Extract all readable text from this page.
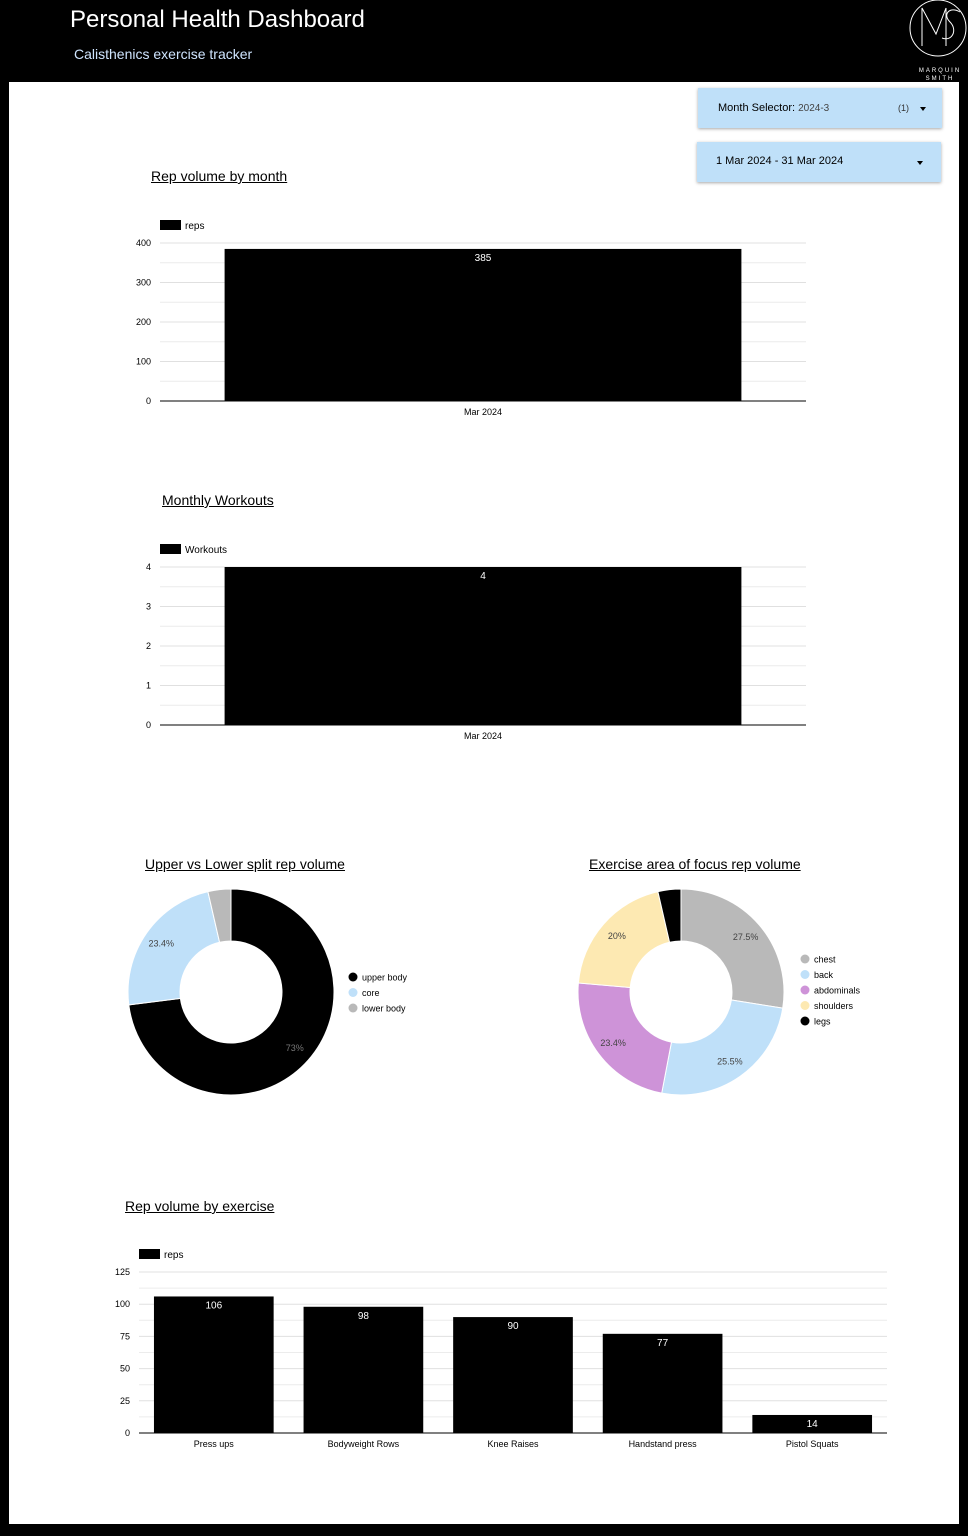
Personal Health Dashboard
Calisthenics exercise tracker
MARQUIN
SMITH
Month Selector: 2024-3	(1)
1 Mar 2024 - 31 Mar 2024
Rep volume by month
reps
0
100
200
300
400
385
Mar 2024
Monthly Workouts
Workouts
0
1
2
3
4
4
Mar 2024
Upper vs Lower split rep volume
73%
23.4%
upper body
core
lower body
Exercise area of focus rep volume
27.5%
25.5%
23.4%
20%
chest
back
abdominals
shoulders
legs
Rep volume by exercise
reps
0
25
50
75
100
125
106
Press ups
98
Bodyweight Rows
90
Knee Raises
77
Handstand press
14
Pistol Squats
